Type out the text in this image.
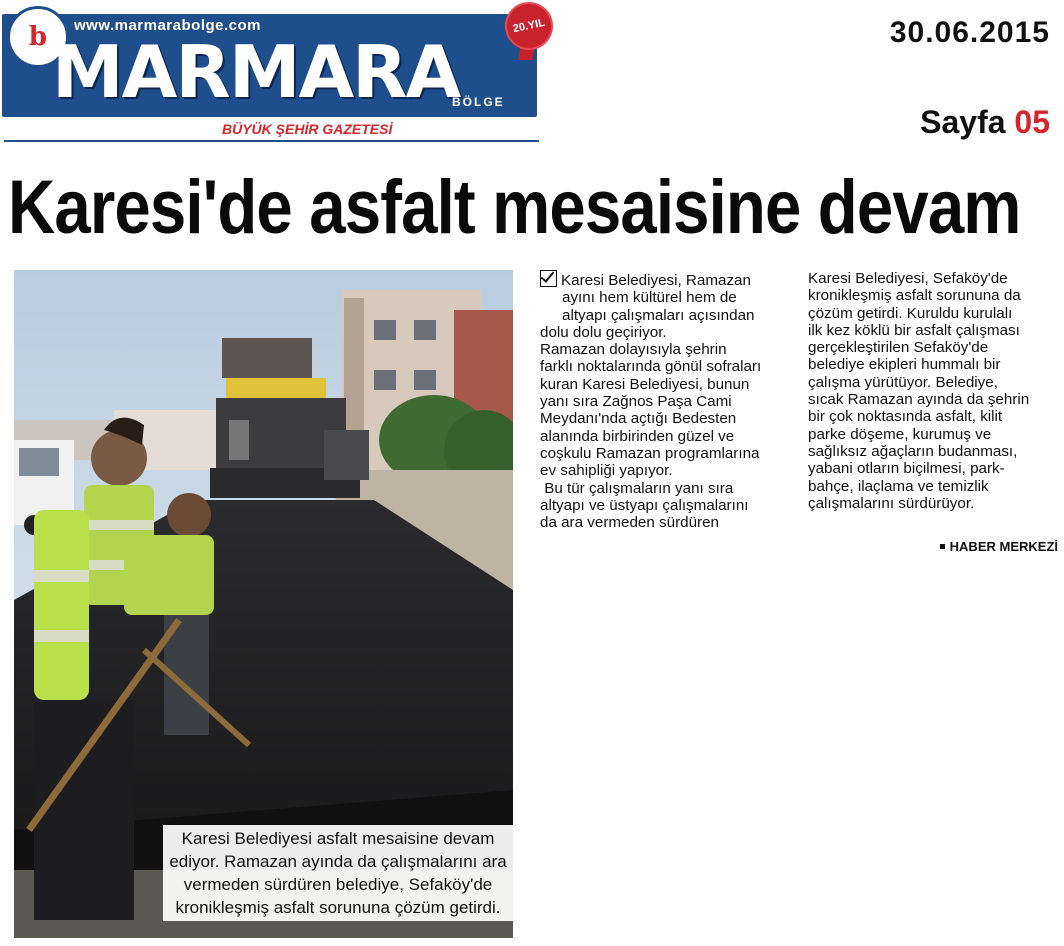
b www.marmarabolge.com
MARMARA
BÖLGE
20.YIL
BÜYÜK ŞEHİR GAZETESİ
30.06.2015
Sayfa 05
Karesi'de asfalt mesaisine devam
Karesi Belediyesi asfalt mesaisine devam ediyor. Ramazan ayında da çalışmalarını ara vermeden sürdüren belediye, Sefaköy'de kronikleşmiş asfalt sorununa çözüm getirdi.

Karesi Belediyesi, Ramazan

ayını hem kültürel hem de

altyapı çalışmaları açısından

dolu dolu geçiriyor.

Ramazan dolayısıyla şehrin

farklı noktalarında gönül sofraları

kuran Karesi Belediyesi, bunun

yanı sıra Zağnos Paşa Cami

Meydanı'nda açtığı Bedesten

alanında birbirinden güzel ve

coşkulu Ramazan programlarına

ev sahipliği yapıyor.

Bu tür çalışmaların yanı sıra

altyapı ve üstyapı çalışmalarını

da ara vermeden sürdüren

Karesi Belediyesi, Sefaköy'de

kronikleşmiş asfalt sorununa da

çözüm getirdi. Kuruldu kurulalı

ilk kez köklü bir asfalt çalışması

gerçekleştirilen Sefaköy'de

belediye ekipleri hummalı bir

çalışma yürütüyor. Belediye,

sıcak Ramazan ayında da şehrin

bir çok noktasında asfalt, kilit

parke döşeme, kurumuş ve

sağlıksız ağaçların budanması,

yabani otların biçilmesi, park-

bahçe, ilaçlama ve temizlik

çalışmalarını sürdürüyor.

HABER MERKEZİ
